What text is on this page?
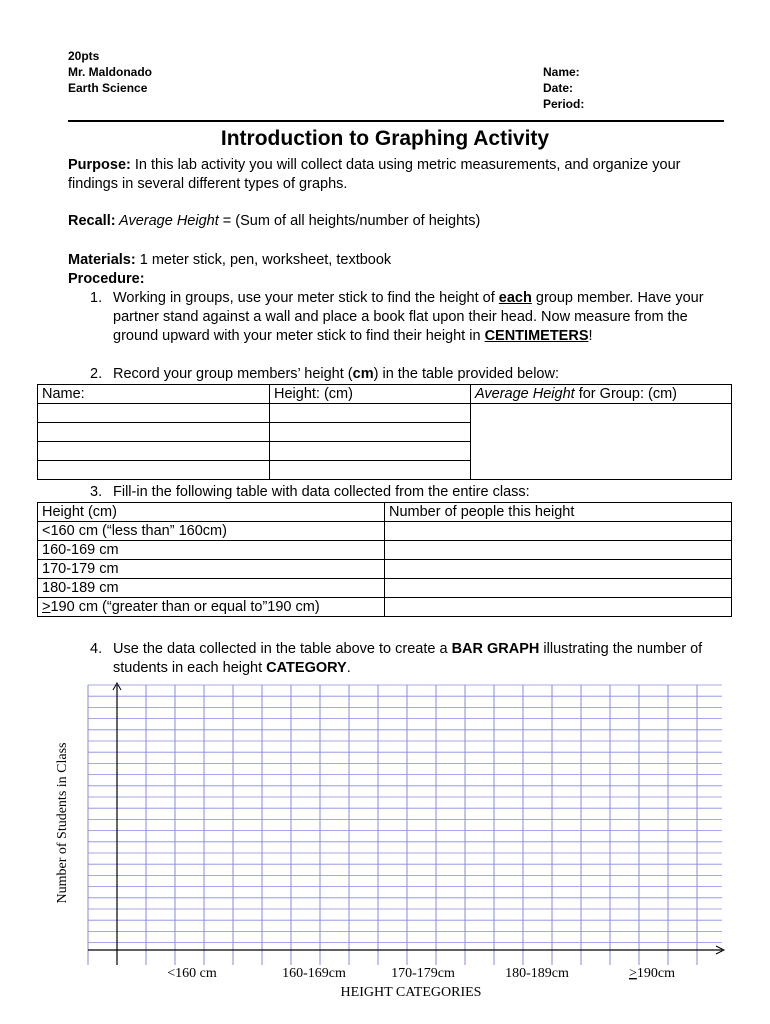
20pts
Mr. Maldonado
Earth Science
Name:
Date:
Period:
Introduction to Graphing Activity
Purpose: In this lab activity you will collect data using metric measurements, and organize your findings in several different types of graphs.
Recall: Average Height = (Sum of all heights/number of heights)
Materials: 1 meter stick, pen, worksheet, textbook
Procedure:
1. Working in groups, use your meter stick to find the height of each group member. Have your partner stand against a wall and place a book flat upon their head. Now measure from the ground upward with your meter stick to find their height in CENTIMETERS!
2. Record your group members’ height (cm) in the table provided below:
Name:	Height: (cm)	Average Height for Group: (cm)

3. Fill-in the following table with data collected from the entire class:
Height (cm)	Number of people this height
<160 cm (“less than” 160cm)	
160-169 cm	
170-179 cm	
180-189 cm	
>190 cm (“greater than or equal to”190 cm)	
4. Use the data collected in the table above to create a BAR GRAPH illustrating the number of students in each height CATEGORY.
Number of Students in Class
<160 cm	160-169cm	170-179cm	180-189cm	>190cm
HEIGHT CATEGORIES
